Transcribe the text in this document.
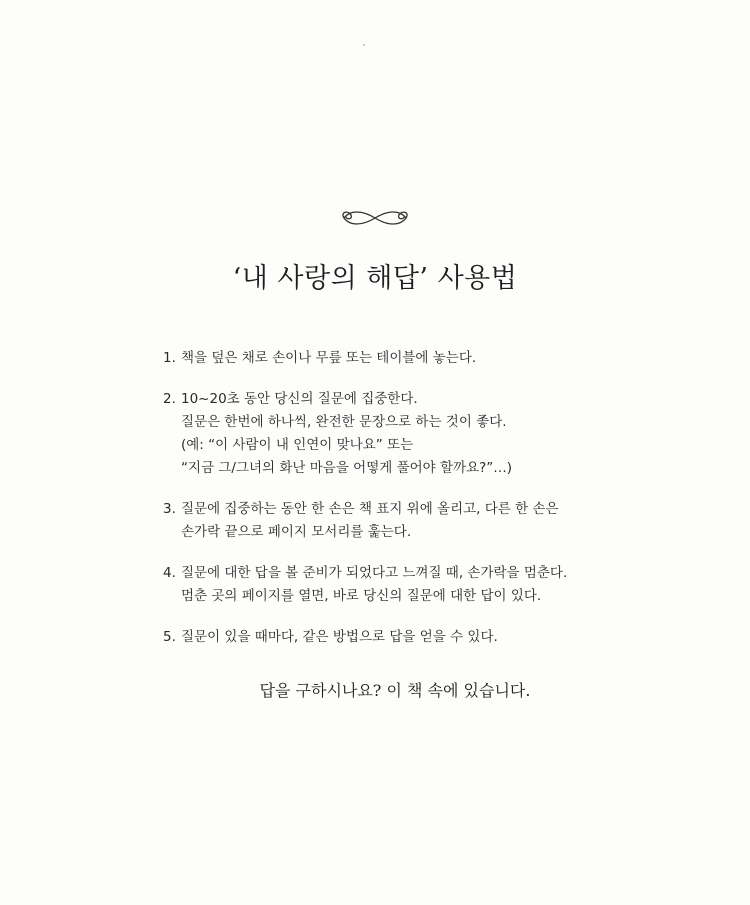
‘내 사랑의 해답’ 사용법
1. 책을 덮은 채로 손이나 무릎 또는 테이블에 놓는다.
2. 10~20초 동안 당신의 질문에 집중한다.
질문은 한번에 하나씩, 완전한 문장으로 하는 것이 좋다.
(예: “이 사람이 내 인연이 맞나요” 또는
“지금 그/그녀의 화난 마음을 어떻게 풀어야 할까요?”…)
3. 질문에 집중하는 동안 한 손은 책 표지 위에 올리고, 다른 한 손은
손가락 끝으로 페이지 모서리를 훑는다.
4. 질문에 대한 답을 볼 준비가 되었다고 느껴질 때, 손가락을 멈춘다.
멈춘 곳의 페이지를 열면, 바로 당신의 질문에 대한 답이 있다.
5. 질문이 있을 때마다, 같은 방법으로 답을 얻을 수 있다.
답을 구하시나요? 이 책 속에 있습니다.
